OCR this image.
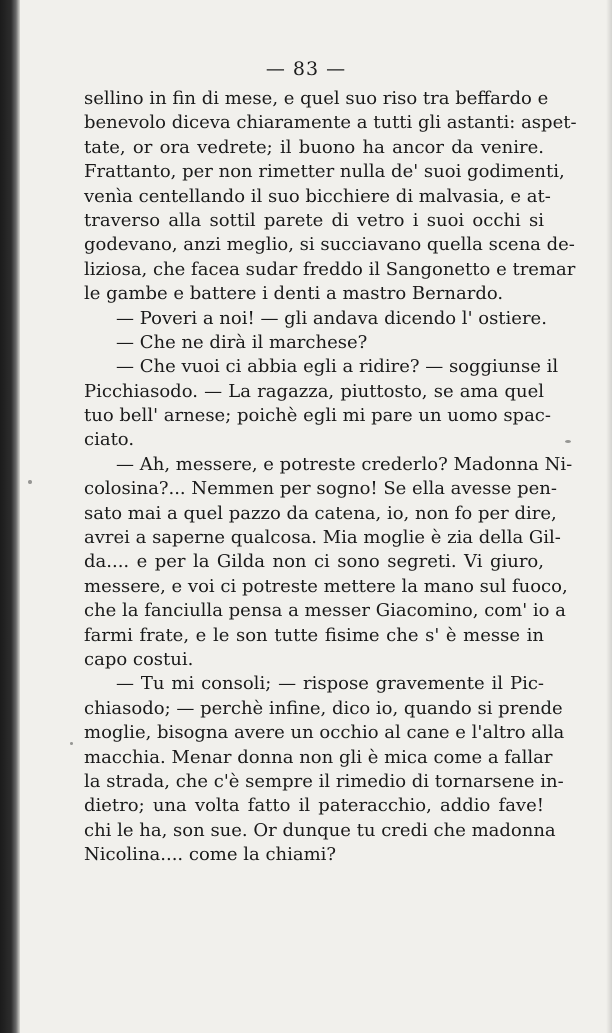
— 83 —
sellino in fin di mese, e quel suo riso tra beffardo e
benevolo diceva chiaramente a tutti gli astanti: aspet-
tate, or ora vedrete; il buono ha ancor da venire.
Frattanto, per non rimetter nulla de' suoi godimenti,
venìa centellando il suo bicchiere di malvasia, e at-
traverso alla sottil parete di vetro i suoi occhi si
godevano, anzi meglio, si succiavano quella scena de-
liziosa, che facea sudar freddo il Sangonetto e tremar
le gambe e battere i denti a mastro Bernardo.
— Poveri a noi! — gli andava dicendo l' ostiere.
— Che ne dirà il marchese?
— Che vuoi ci abbia egli a ridire? — soggiunse il
Picchiasodo. — La ragazza, piuttosto, se ama quel
tuo bell' arnese; poichè egli mi pare un uomo spac-
ciato.
— Ah, messere, e potreste crederlo? Madonna Ni-
colosina?... Nemmen per sogno! Se ella avesse pen-
sato mai a quel pazzo da catena, io, non fo per dire,
avrei a saperne qualcosa. Mia moglie è zia della Gil-
da.... e per la Gilda non ci sono segreti. Vi giuro,
messere, e voi ci potreste mettere la mano sul fuoco,
che la fanciulla pensa a messer Giacomino, com' io a
farmi frate, e le son tutte fisime che s' è messe in
capo costui.
— Tu mi consoli; — rispose gravemente il Pic-
chiasodo; — perchè infine, dico io, quando si prende
moglie, bisogna avere un occhio al cane e l'altro alla
macchia. Menar donna non gli è mica come a fallar
la strada, che c'è sempre il rimedio di tornarsene in-
dietro; una volta fatto il pateracchio, addio fave!
chi le ha, son sue. Or dunque tu credi che madonna
Nicolina.... come la chiami?
